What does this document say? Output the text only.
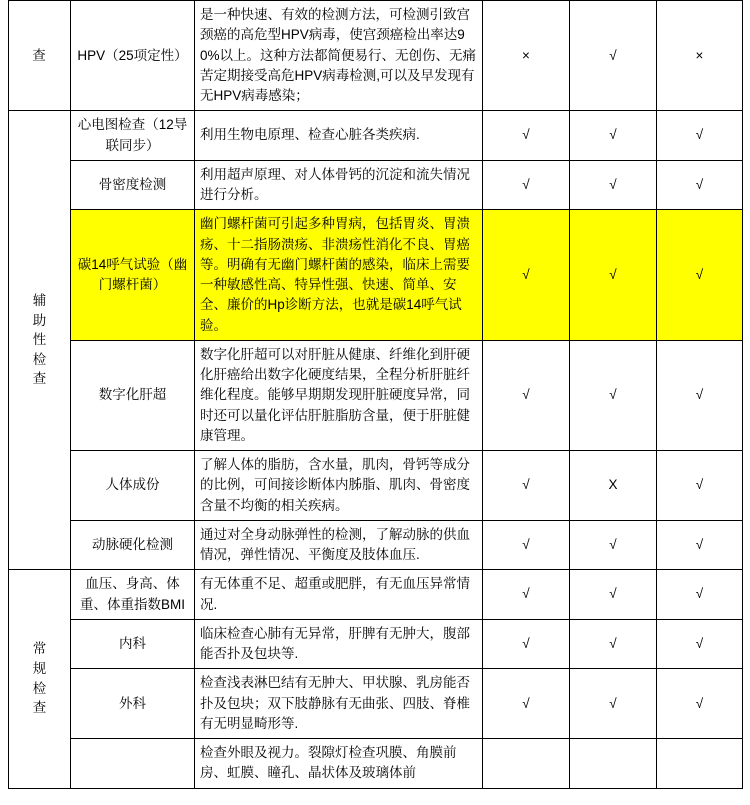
查	HPV（25项定性）	是一种快速、有效的检测方法，可检测引致宫颈癌的高危型HPV病毒，使宫颈癌检出率达90%以上。这种方法都简便易行、无创伤、无痛苦定期接受高危HPV病毒检测,可以及早发现有无HPV病毒感染；	×	√	×
辅助性检查	心电图检查（12导联同步）	利用生物电原理、检查心脏各类疾病.	√	√	√
	骨密度检测	利用超声原理、对人体骨钙的沉淀和流失情况进行分析。	√	√	√
	碳14呼气试验（幽门螺杆菌）	幽门螺杆菌可引起多种胃病，包括胃炎、胃溃疡、十二指肠溃疡、非溃疡性消化不良、胃癌等。明确有无幽门螺杆菌的感染，临床上需要一种敏感性高、特异性强、快速、简单、安全、廉价的Hp诊断方法，也就是碳14呼气试验。	√	√	√
	数字化肝超	数字化肝超可以对肝脏从健康、纤维化到肝硬化肝癌给出数字化硬度结果，全程分析肝脏纤维化程度。能够早期期发现肝脏硬度异常，同时还可以量化评估肝脏脂肪含量，便于肝脏健康管理。	√	√	√
	人体成份	了解人体的脂肪，含水量，肌肉，骨钙等成分的比例，可间接诊断体内胏脂、肌肉、骨密度含量不均衡的相关疾病。	√	X	√
	动脉硬化检测	通过对全身动脉弹性的检测，了解动脉的供血情况，弹性情况、平衡度及肢体血压.	√	√	√
常规检查	血压、身高、体重、体重指数BMI	有无体重不足、超重或肥胖，有无血压异常情况.	√	√	√
	内科	临床检查心肺有无异常，肝脾有无肿大，腹部能否扑及包块等.	√	√	√
	外科	检查浅表淋巴结有无肿大、甲状腺、乳房能否扑及包块；双下肢静脉有无曲张、四肢、脊椎有无明显畸形等.	√	√	√
		检查外眼及视力。裂隙灯检查巩膜、角膜前房、虹膜、瞳孔、晶状体及玻璃体前			
